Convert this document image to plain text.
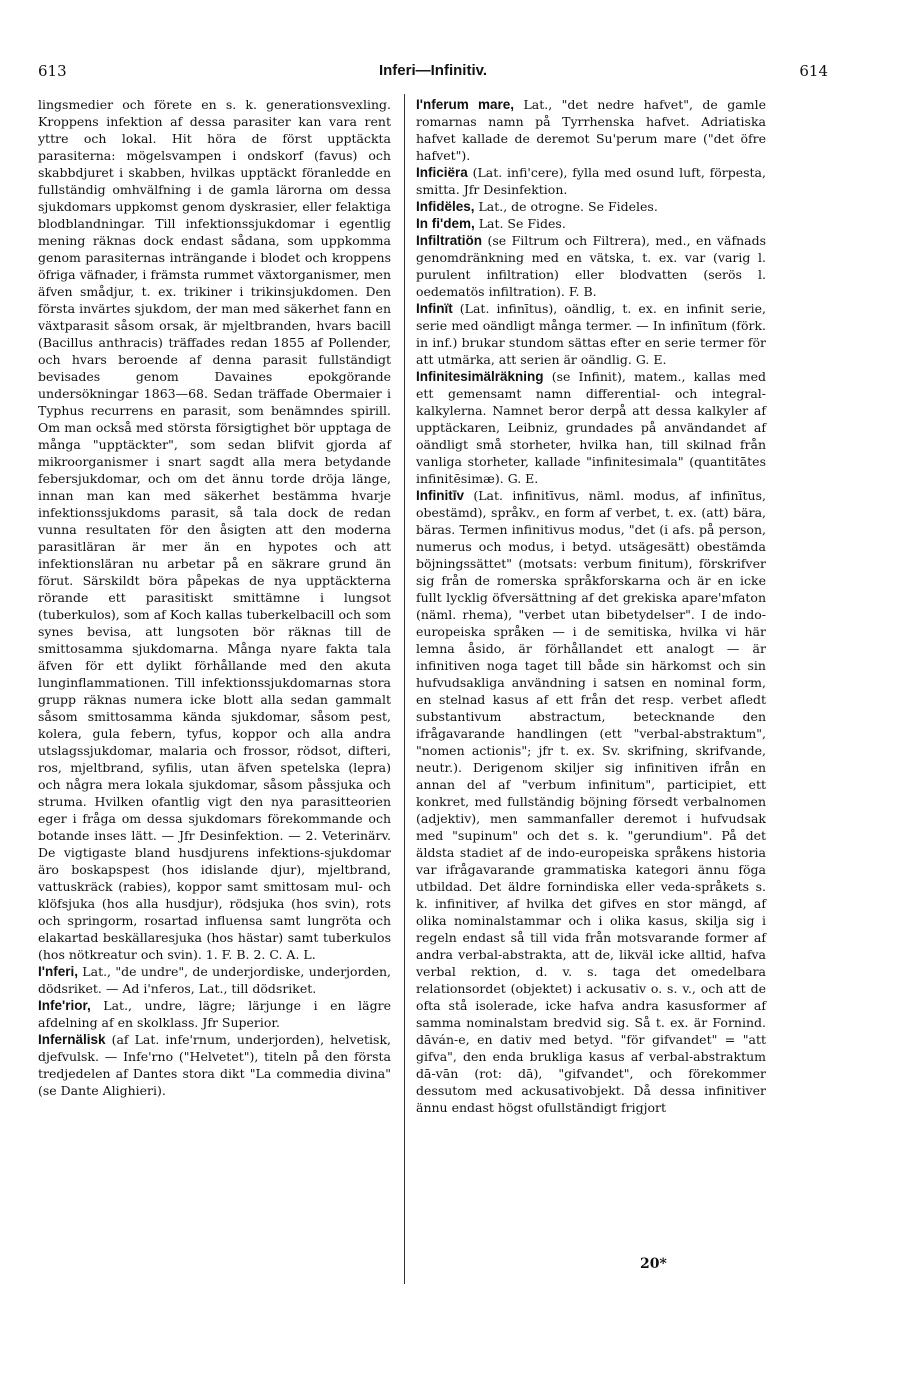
613	Inferi—Infinitiv.	614

lingsmedier och förete en s. k. generationsvexling. Kroppens infektion af dessa parasiter kan vara rent yttre och lokal. Hit höra de först upptäckta parasiterna: mögelsvampen i ondskorf (favus) och skabbdjuret i skabben, hvilkas upptäckt föranledde en fullständig omhvälfning i de gamla lärorna om dessa sjukdomars uppkomst genom dyskrasier, eller felaktiga blodblandningar. Till infektionssjukdomar i egentlig mening räknas dock endast sådana, som uppkomma genom parasiternas inträngande i blodet och kroppens öfriga väfnader, i främsta rummet växtorganismer, men äfven smådjur, t. ex. trikiner i trikinsjukdomen. Den första invärtes sjukdom, der man med säkerhet fann en växtparasit såsom orsak, är mjeltbranden, hvars bacill (Bacillus anthracis) träffades redan 1855 af Pollender, och hvars beroende af denna parasit fullständigt bevisades genom Davaines epokgörande undersökningar 1863—68. Sedan träffade Obermaier i Typhus recurrens en parasit, som benämndes spirill. Om man också med största försigtighet bör upptaga de många "upptäckter", som sedan blifvit gjorda af mikroorganismer i snart sagdt alla mera betydande febersjukdomar, och om det ännu torde dröja länge, innan man kan med säkerhet bestämma hvarje infektionssjukdoms parasit, så tala dock de redan vunna resultaten för den åsigten att den moderna parasitläran är mer än en hypotes och att infektionsläran nu arbetar på en säkrare grund än förut. Särskildt böra påpekas de nya upptäckterna rörande ett parasitiskt smittämne i lungsot (tuberkulos), som af Koch kallas tuberkelbacill och som synes bevisa, att lungsoten bör räknas till de smittosamma sjukdomarna. Många nyare fakta tala äfven för ett dylikt förhållande med den akuta lunginflammationen. Till infektionssjukdomarnas stora grupp räknas numera icke blott alla sedan gammalt såsom smittosamma kända sjukdomar, såsom pest, kolera, gula febern, tyfus, koppor och alla andra utslagssjukdomar, malaria och frossor, rödsot, difteri, ros, mjeltbrand, syfilis, utan äfven spetelska (lepra) och några mera lokala sjukdomar, såsom påssjuka och struma. Hvilken ofantlig vigt den nya parasitteorien eger i fråga om dessa sjukdomars förekommande och botande inses lätt. — Jfr Desinfektion. — 2. Veterinärv. De vigtigaste bland husdjurens infektions-sjukdomar äro boskapspest (hos idislande djur), mjeltbrand, vattuskräck (rabies), koppor samt smittosam mul- och klöfsjuka (hos alla husdjur), rödsjuka (hos svin), rots och springorm, rosartad influensa samt lungröta och elakartad beskällaresjuka (hos hästar) samt tuberkulos (hos nötkreatur och svin). 1. F. B. 2. C. A. L.

I'nferi, Lat., "de undre", de underjordiske, underjorden, dödsriket. — Ad i'nferos, Lat., till dödsriket.

Infe'rior, Lat., undre, lägre; lärjunge i en lägre afdelning af en skolklass. Jfr Superior.

Infernälisk (af Lat. infe'rnum, underjorden), helvetisk, djefvulsk. — Infe'rno ("Helvetet"), titeln på den första tredjedelen af Dantes stora dikt "La commedia divina" (se Dante Alighieri).

I'nferum mare, Lat., "det nedre hafvet", de gamle romarnas namn på Tyrrhenska hafvet. Adriatiska hafvet kallade de deremot Su'perum mare ("det öfre hafvet").

Inficiëra (Lat. infi'cere), fylla med osund luft, förpesta, smitta. Jfr Desinfektion.

Infidëles, Lat., de otrogne. Se Fideles.

In fi'dem, Lat. Se Fides.

Infiltratiön (se Filtrum och Filtrera), med., en väfnads genomdränkning med en vätska, t. ex. var (varig l. purulent infiltration) eller blodvatten (serös l. oedematös infiltration). F. B.

Infinït (Lat. infinītus), oändlig, t. ex. en infinit serie, serie med oändligt många termer. — In infinītum (förk. in inf.) brukar stundom sättas efter en serie termer för att utmärka, att serien är oändlig. G. E.

Infinitesimälräkning (se Infinit), matem., kallas med ett gemensamt namn differential- och integral-kalkylerna. Namnet beror derpå att dessa kalkyler af upptäckaren, Leibniz, grundades på användandet af oändligt små storheter, hvilka han, till skilnad från vanliga storheter, kallade "infinitesimala" (quantitātes infinitēsimæ). G. E.

Infinitīv (Lat. infinitīvus, näml. modus, af infinītus, obestämd), språkv., en form af verbet, t. ex. (att) bära, bäras. Termen infinitivus modus, "det (i afs. på person, numerus och modus, i betyd. utsägesätt) obestämda böjningssättet" (motsats: verbum finitum), förskrifver sig från de romerska språkforskarna och är en icke fullt lycklig öfversättning af det grekiska apare'mfaton (näml. rhema), "verbet utan bibetydelser". I de indo-europeiska språken — i de semitiska, hvilka vi här lemna åsido, är förhållandet ett analogt — är infinitiven noga taget till både sin härkomst och sin hufvudsakliga användning i satsen en nominal form, en stelnad kasus af ett från det resp. verbet afledt substantivum abstractum, betecknande den ifrågavarande handlingen (ett "verbal-abstraktum", "nomen actionis"; jfr t. ex. Sv. skrifning, skrifvande, neutr.). Derigenom skiljer sig infinitiven ifrån en annan del af "verbum infinitum", participiet, ett konkret, med fullständig böjning försedt verbalnomen (adjektiv), men sammanfaller deremot i hufvudsak med "supinum" och det s. k. "gerundium". På det äldsta stadiet af de indo-europeiska språkens historia var ifrågavarande grammatiska kategori ännu föga utbildad. Det äldre fornindiska eller veda-språkets s. k. infinitiver, af hvilka det gifves en stor mängd, af olika nominalstammar och i olika kasus, skilja sig i regeln endast så till vida från motsvarande former af andra verbal-abstrakta, att de, likväl icke alltid, hafva verbal rektion, d. v. s. taga det omedelbara relationsordet (objektet) i ackusativ o. s. v., och att de ofta stå isolerade, icke hafva andra kasusformer af samma nominalstam bredvid sig. Så t. ex. är Fornind. dāván-e, en dativ med betyd. "för gifvandet" = "att gifva", den enda brukliga kasus af verbal-abstraktum dā-vān (rot: dā), "gifvandet", och förekommer dessutom med ackusativobjekt. Då dessa infinitiver ännu endast högst ofullständigt frigjort

20*
